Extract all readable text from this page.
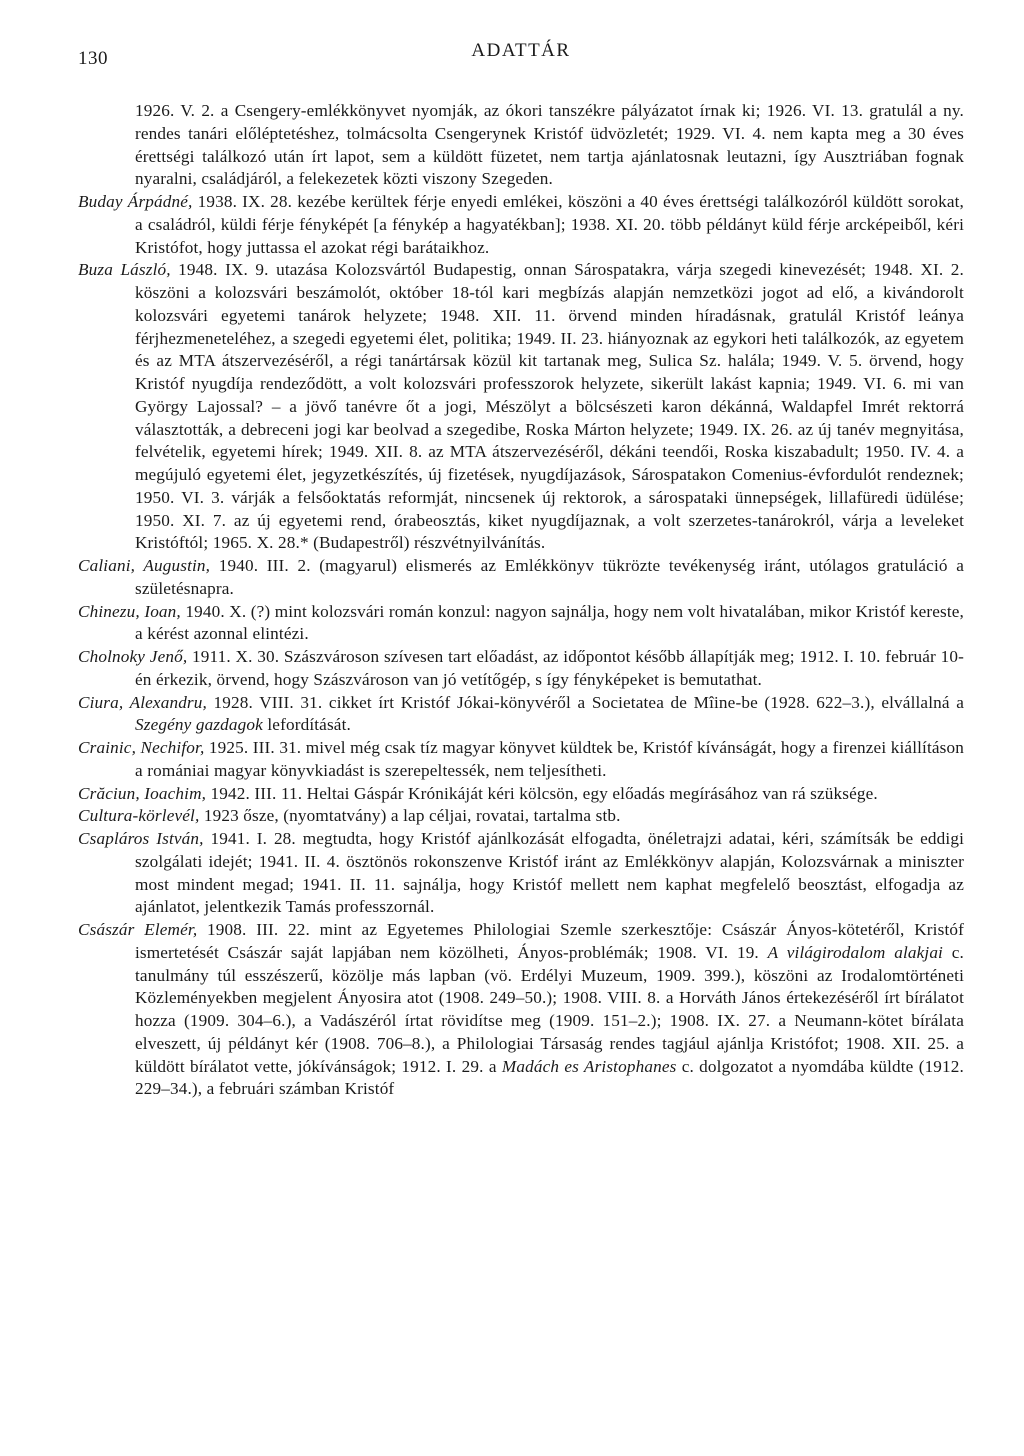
130	ADATTÁR

1926. V. 2. a Csengery-emlékkönyvet nyomják, az ókori tanszékre pályázatot írnak ki; 1926. VI. 13. gratulál a ny. rendes tanári előléptetéshez, tolmácsolta Csengerynek Kristóf üdvözletét; 1929. VI. 4. nem kapta meg a 30 éves érettségi találkozó után írt lapot, sem a küldött füzetet, nem tartja ajánlatosnak leutazni, így Ausztriában fognak nyaralni, családjáról, a felekezetek közti viszony Szegeden.

Buday Árpádné, 1938. IX. 28. kezébe kerültek férje enyedi emlékei, köszöni a 40 éves érettségi találkozóról küldött sorokat, a családról, küldi férje fényképét [a fénykép a hagyatékban]; 1938. XI. 20. több példányt küld férje arcképeiből, kéri Kristófot, hogy juttassa el azokat régi barátaikhoz.

Buza László, 1948. IX. 9. utazása Kolozsvártól Budapestig, onnan Sárospatakra, várja szegedi kinevezését; 1948. XI. 2. köszöni a kolozsvári beszámolót, október 18-tól kari megbízás alapján nemzetközi jogot ad elő, a kivándorolt kolozsvári egyetemi tanárok helyzete; 1948. XII. 11. örvend minden híradásnak, gratulál Kristóf leánya férjhezmeneteléhez, a szegedi egyetemi élet, politika; 1949. II. 23. hiányoznak az egykori heti találkozók, az egyetem és az MTA átszervezéséről, a régi tanártársak közül kit tartanak meg, Sulica Sz. halála; 1949. V. 5. örvend, hogy Kristóf nyugdíja rendeződött, a volt kolozsvári professzorok helyzete, sikerült lakást kapnia; 1949. VI. 6. mi van György Lajossal? – a jövő tanévre őt a jogi, Mészölyt a bölcsészeti karon dékánná, Waldapfel Imrét rektorrá választották, a debreceni jogi kar beolvad a szegedibe, Roska Márton helyzete; 1949. IX. 26. az új tanév megnyitása, felvételik, egyetemi hírek; 1949. XII. 8. az MTA átszervezéséről, dékáni teendői, Roska kiszabadult; 1950. IV. 4. a megújuló egyetemi élet, jegyzetkészítés, új fizetések, nyugdíjazások, Sárospatakon Comenius-évfordulót rendeznek; 1950. VI. 3. várják a felsőoktatás reformját, nincsenek új rektorok, a sárospataki ünnepségek, lillafüredi üdülése; 1950. XI. 7. az új egyetemi rend, órabeosztás, kiket nyugdíjaznak, a volt szerzetes-tanárokról, várja a leveleket Kristóftól; 1965. X. 28.* (Budapestről) részvétnyilvánítás.

Caliani, Augustin, 1940. III. 2. (magyarul) elismerés az Emlékkönyv tükrözte tevékenység iránt, utólagos gratuláció a születésnapra.

Chinezu, Ioan, 1940. X. (?) mint kolozsvári román konzul: nagyon sajnálja, hogy nem volt hivatalában, mikor Kristóf kereste, a kérést azonnal elintézi.

Cholnoky Jenő, 1911. X. 30. Szászvároson szívesen tart előadást, az időpontot később állapítják meg; 1912. I. 10. február 10-én érkezik, örvend, hogy Szászvároson van jó vetítőgép, s így fényképeket is bemutathat.

Ciura, Alexandru, 1928. VIII. 31. cikket írt Kristóf Jókai-könyvéről a Societatea de Mîine-be (1928. 622–3.), elvállalná a Szegény gazdagok lefordítását.

Crainic, Nechifor, 1925. III. 31. mivel még csak tíz magyar könyvet küldtek be, Kristóf kívánságát, hogy a firenzei kiállításon a romániai magyar könyvkiadást is szerepeltessék, nem teljesítheti.

Crăciun, Ioachim, 1942. III. 11. Heltai Gáspár Krónikáját kéri kölcsön, egy előadás megírásához van rá szüksége.

Cultura-körlevél, 1923 ősze, (nyomtatvány) a lap céljai, rovatai, tartalma stb.

Csapláros István, 1941. I. 28. megtudta, hogy Kristóf ajánlkozását elfogadta, önéletrajzi adatai, kéri, számítsák be eddigi szolgálati idejét; 1941. II. 4. ösztönös rokonszenve Kristóf iránt az Emlékkönyv alapján, Kolozsvárnak a miniszter most mindent megad; 1941. II. 11. sajnálja, hogy Kristóf mellett nem kaphat megfelelő beosztást, elfogadja az ajánlatot, jelentkezik Tamás professzornál.

Császár Elemér, 1908. III. 22. mint az Egyetemes Philologiai Szemle szerkesztője: Császár Ányos-kötetéről, Kristóf ismertetését Császár saját lapjában nem közölheti, Ányos-problémák; 1908. VI. 19. A világirodalom alakjai c. tanulmány túl esszészerű, közölje más lapban (vö. Erdélyi Muzeum, 1909. 399.), köszöni az Irodalomtörténeti Közleményekben megjelent Ányosira atot (1908. 249–50.); 1908. VIII. 8. a Horváth János értekezéséről írt bírálatot hozza (1909. 304–6.), a Vadászéról írtat rövidítse meg (1909. 151–2.); 1908. IX. 27. a Neumann-kötet bírálata elveszett, új példányt kér (1908. 706–8.), a Philologiai Társaság rendes tagjául ajánlja Kristófot; 1908. XII. 25. a küldött bírálatot vette, jókívánságok; 1912. I. 29. a Madách es Aristophanes c. dolgozatot a nyomdába küldte (1912. 229–34.), a februári számban Kristóf
